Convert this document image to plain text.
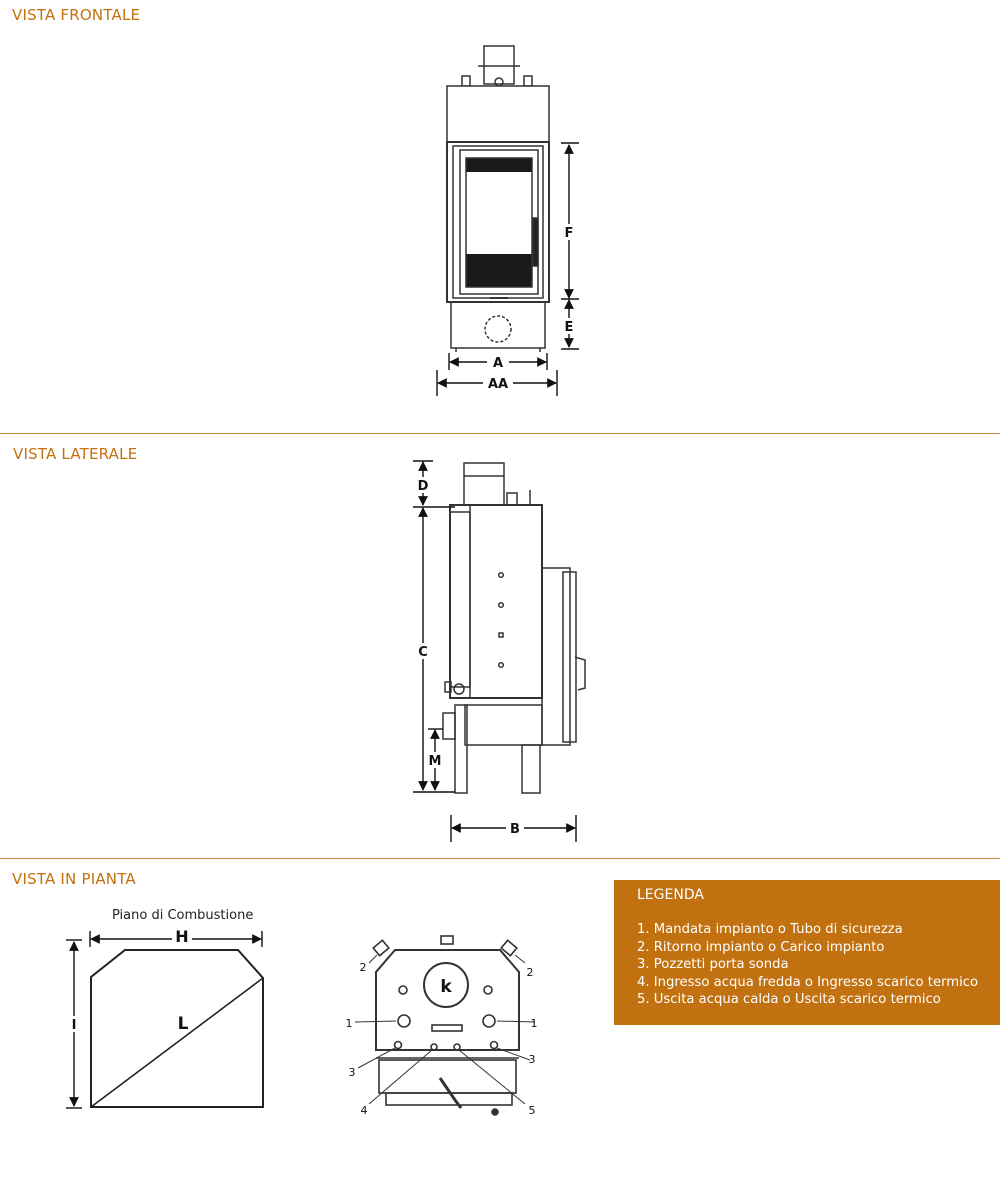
VISTA FRONTALE
VISTA LATERALE
VISTA IN PIANTA
A
AA
F
E
D
C
M
B
H
I	L
k
1	1
2	2
3
3
4	5
Piano di Combustione
LEGENDA
1. Mandata impianto o Tubo di sicurezza
2. Ritorno impianto o Carico impianto
3. Pozzetti porta sonda
4. Ingresso acqua fredda o Ingresso scarico termico
5. Uscita acqua calda o Uscita scarico termico
